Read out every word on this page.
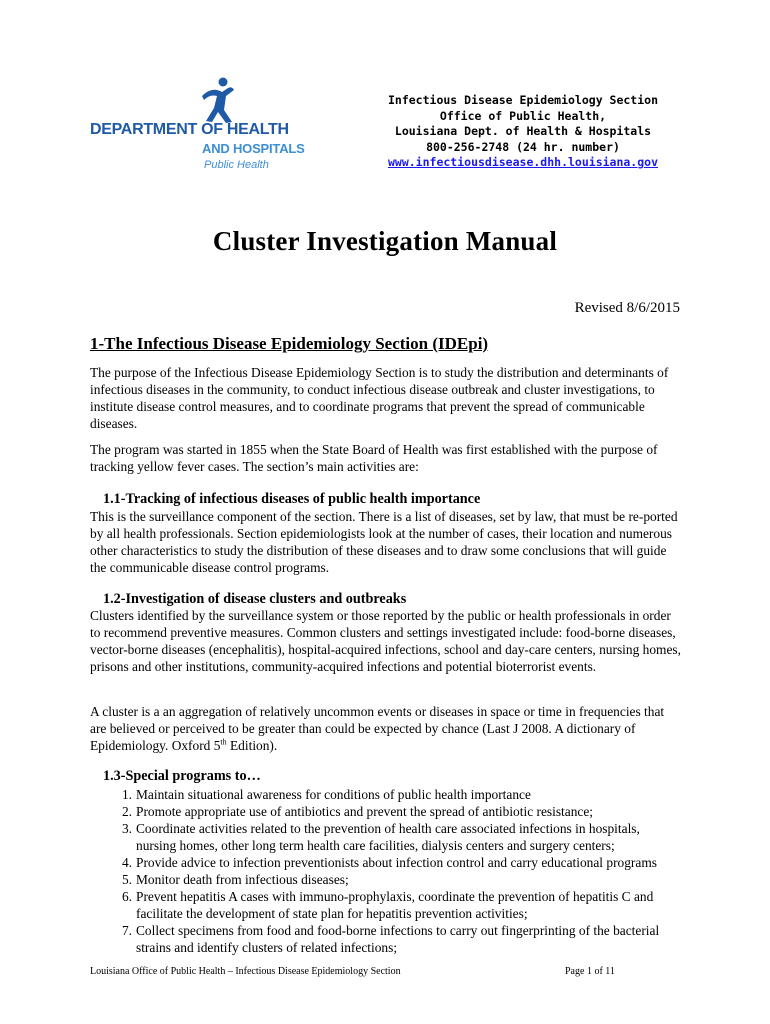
DEPARTMENT OF HEALTH
AND HOSPITALS
Public Health
Infectious Disease Epidemiology Section
Office of Public Health,
Louisiana Dept. of Health & Hospitals
800-256-2748 (24 hr. number)
www.infectiousdisease.dhh.louisiana.gov
Cluster Investigation Manual
Revised 8/6/2015
1-The Infectious Disease Epidemiology Section (IDEpi)
The purpose of the Infectious Disease Epidemiology Section is to study the distribution and determinants of infectious diseases in the community, to conduct infectious disease outbreak and cluster investigations, to institute disease control measures, and to coordinate programs that prevent the spread of communicable diseases.
The program was started in 1855 when the State Board of Health was first established with the purpose of tracking yellow fever cases. The section’s main activities are:
1.1-Tracking of infectious diseases of public health importance
This is the surveillance component of the section. There is a list of diseases, set by law, that must be re-ported by all health professionals. Section epidemiologists look at the number of cases, their location and numerous other characteristics to study the distribution of these diseases and to draw some conclusions that will guide the communicable disease control programs.
1.2-Investigation of disease clusters and outbreaks
Clusters identified by the surveillance system or those reported by the public or health professionals in order to recommend preventive measures. Common clusters and settings investigated include: food-borne diseases, vector-borne diseases (encephalitis), hospital-acquired infections, school and day-care centers, nursing homes, prisons and other institutions, community-acquired infections and potential bioterrorist events.
A cluster is a an aggregation of relatively uncommon events or diseases in space or time in frequencies that are believed or perceived to be greater than could be expected by chance (Last J 2008. A dictionary of Epidemiology. Oxford 5th Edition).
1.3-Special programs to…
1. Maintain situational awareness for conditions of public health importance
2. Promote appropriate use of antibiotics and prevent the spread of antibiotic resistance;
3. Coordinate activities related to the prevention of health care associated infections in hospitals, nursing homes, other long term health care facilities, dialysis centers and surgery centers;
4. Provide advice to infection preventionists about infection control and carry educational programs
5. Monitor death from infectious diseases;
6. Prevent hepatitis A cases with immuno-prophylaxis, coordinate the prevention of hepatitis C and facilitate the development of state plan for hepatitis prevention activities;
7. Collect specimens from food and food-borne infections to carry out fingerprinting of the bacterial strains and identify clusters of related infections;
Louisiana Office of Public Health – Infectious Disease Epidemiology Section	Page 1 of 11
